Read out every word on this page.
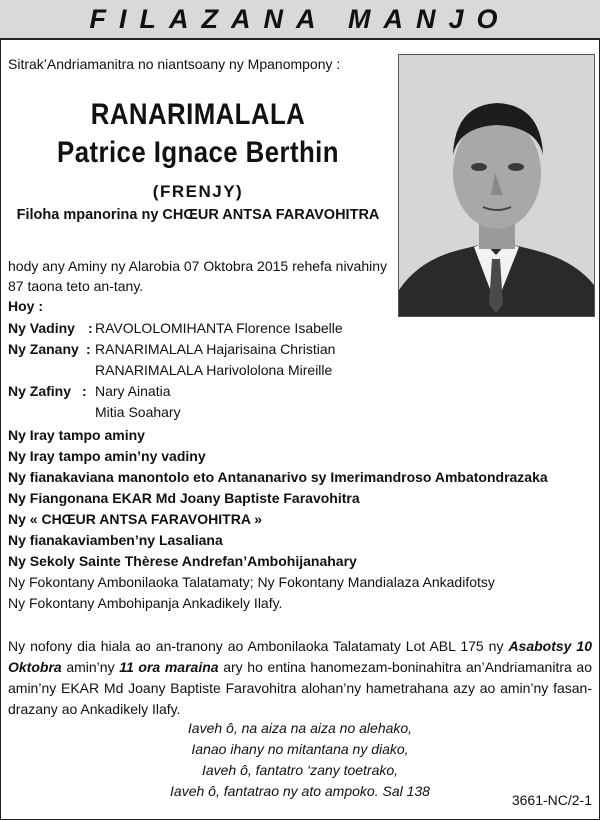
FILAZANA MANJO
Sitrak’Andriamanitra no niantsoany ny Mpanompony :
RANARIMALALA
Patrice Ignace Berthin
(FRENJY)
Filoha mpanorina ny CHŒUR ANTSA FARAVOHITRA
hody any Aminy ny Alarobia 07 Oktobra 2015 rehefa nivahiny
87 taona teto an-tany.
Hoy :
Ny Vadiny : RAVOLOLOMIHANTA Florence Isabelle
Ny Zanany : RANARIMALALA Hajarisaina Christian
RANARIMALALA Harivololona Mireille
Ny Zafiny : Nary Ainatia
Mitia Soahary
Ny Iray tampo aminy
Ny Iray tampo amin’ny vadiny
Ny fianakaviana manontolo eto Antananarivo sy Imerimandroso Ambatondrazaka
Ny Fiangonana EKAR Md Joany Baptiste Faravohitra
Ny « CHŒUR ANTSA FARAVOHITRA »
Ny fianakaviamben’ny Lasaliana
Ny Sekoly Sainte Thèrese Andrefan’Ambohijanahary
Ny Fokontany Ambonilaoka Talatamaty; Ny Fokontany Mandialaza Ankadifotsy
Ny Fokontany Ambohipanja Ankadikely Ilafy.
Ny nofony dia hiala ao an-tranony ao Ambonilaoka Talatamaty Lot ABL 175 ny Asabotsy 10 Oktobra amin’ny 11 ora maraina ary ho entina hanomezam-boninahitra an’Andriamanitra ao amin’ny EKAR Md Joany Baptiste Faravohitra alohan’ny hametrahana azy ao amin’ny fasan-drazany ao Ankadikely Ilafy.
Iaveh ô, na aiza na aiza no alehako,
Ianao ihany no mitantana ny diako,
Iaveh ô, fantatro ‘zany toetrako,
Iaveh ô, fantatrao ny ato ampoko. Sal 138
3661-NC/2-1
